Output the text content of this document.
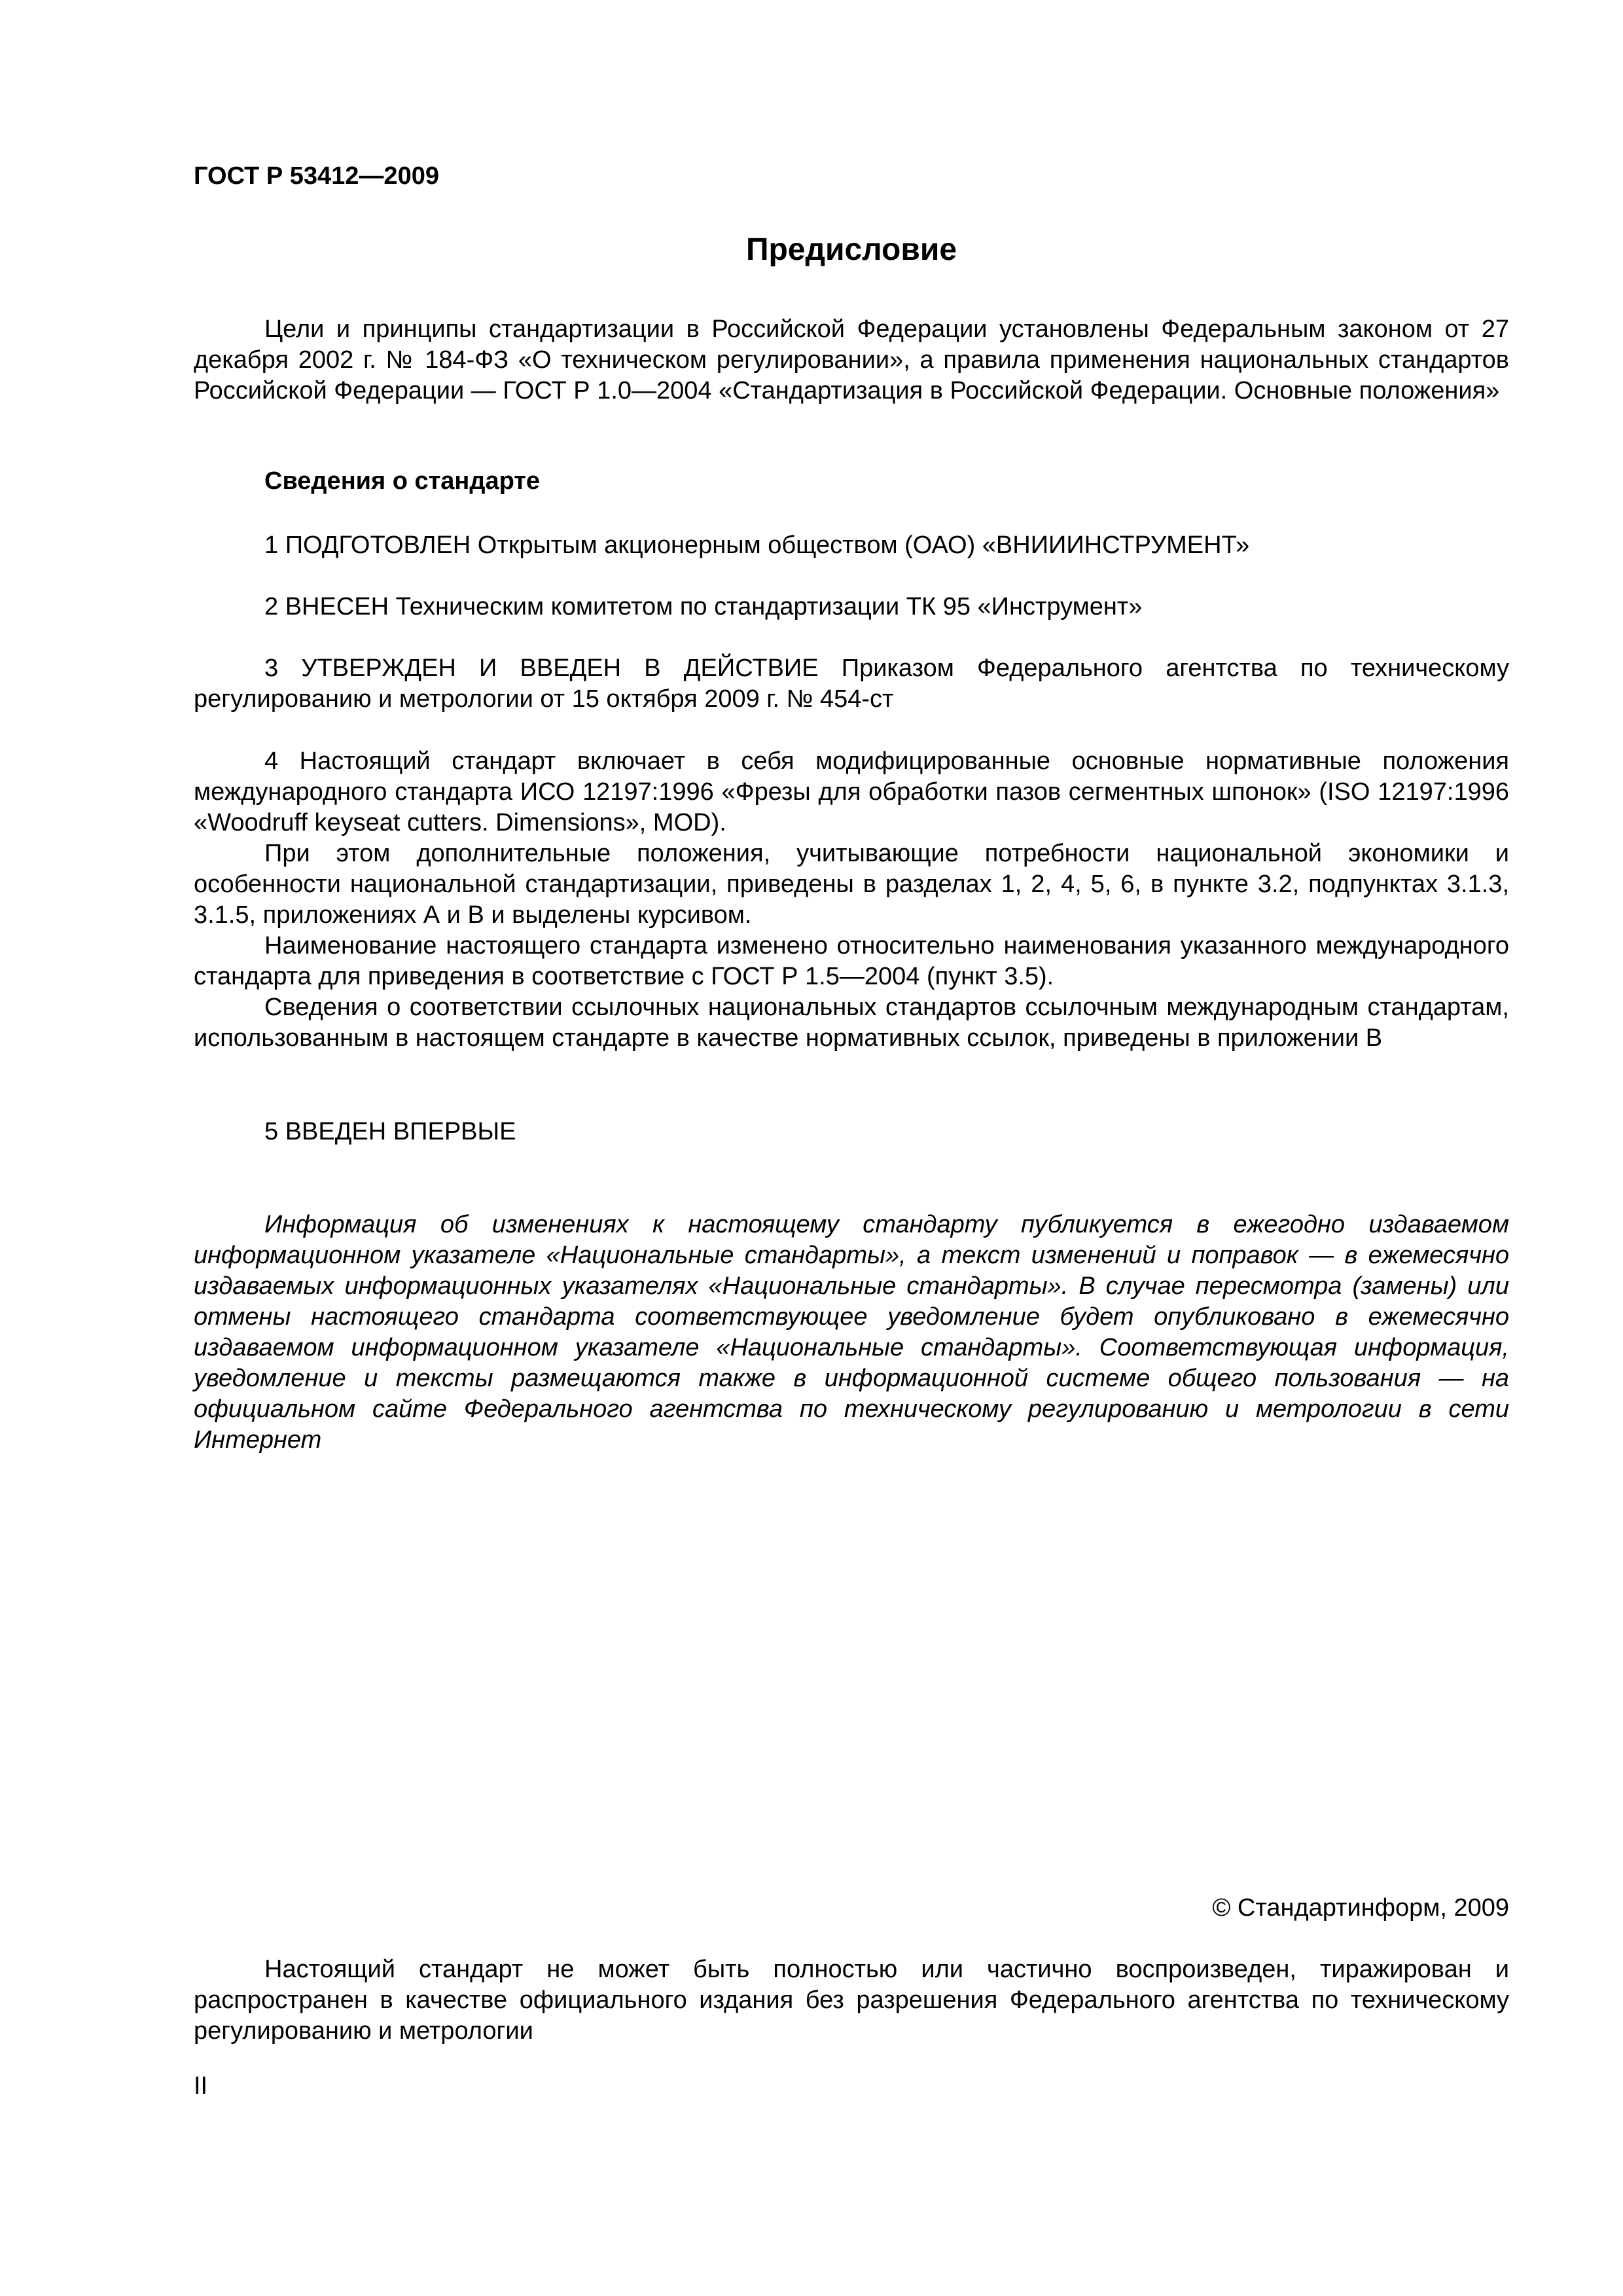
ГОСТ Р 53412—2009
Предисловие

Цели и принципы стандартизации в Российской Федерации установлены Федеральным законом от 27 декабря 2002 г. № 184-ФЗ «О техническом регулировании», а правила применения национальных стандартов Российской Федерации — ГОСТ Р 1.0—2004 «Стандартизация в Российской Федерации. Основные положения»

Сведения о стандарте

1 ПОДГОТОВЛЕН Открытым акционерным обществом (ОАО) «ВНИИИНСТРУМЕНТ»

2 ВНЕСЕН Техническим комитетом по стандартизации ТК 95 «Инструмент»

3 УТВЕРЖДЕН И ВВЕДЕН В ДЕЙСТВИЕ Приказом Федерального агентства по техническому регулированию и метрологии от 15 октября 2009 г. № 454-ст

4 Настоящий стандарт включает в себя модифицированные основные нормативные положения международного стандарта ИСО 12197:1996 «Фрезы для обработки пазов сегментных шпонок» (ISO 12197:1996 «Woodruff keyseat cutters. Dimensions», MOD).

При этом дополнительные положения, учитывающие потребности национальной экономики и особенности национальной стандартизации, приведены в разделах 1, 2, 4, 5, 6, в пункте 3.2, подпунктах 3.1.3, 3.1.5, приложениях А и В и выделены курсивом.

Наименование настоящего стандарта изменено относительно наименования указанного международного стандарта для приведения в соответствие с ГОСТ Р 1.5—2004 (пункт 3.5).

Сведения о соответствии ссылочных национальных стандартов ссылочным международным стандартам, использованным в настоящем стандарте в качестве нормативных ссылок, приведены в приложении В

5 ВВЕДЕН ВПЕРВЫЕ

Информация об изменениях к настоящему стандарту публикуется в ежегодно издаваемом информационном указателе «Национальные стандарты», а текст изменений и поправок — в ежемесячно издаваемых информационных указателях «Национальные стандарты». В случае пересмотра (замены) или отмены настоящего стандарта соответствующее уведомление будет опубликовано в ежемесячно издаваемом информационном указателе «Национальные стандарты». Соответствующая информация, уведомление и тексты размещаются также в информационной системе общего пользования — на официальном сайте Федерального агентства по техническому регулированию и метрологии в сети Интернет

© Стандартинформ, 2009

Настоящий стандарт не может быть полностью или частично воспроизведен, тиражирован и распространен в качестве официального издания без разрешения Федерального агентства по техническому регулированию и метрологии

II
